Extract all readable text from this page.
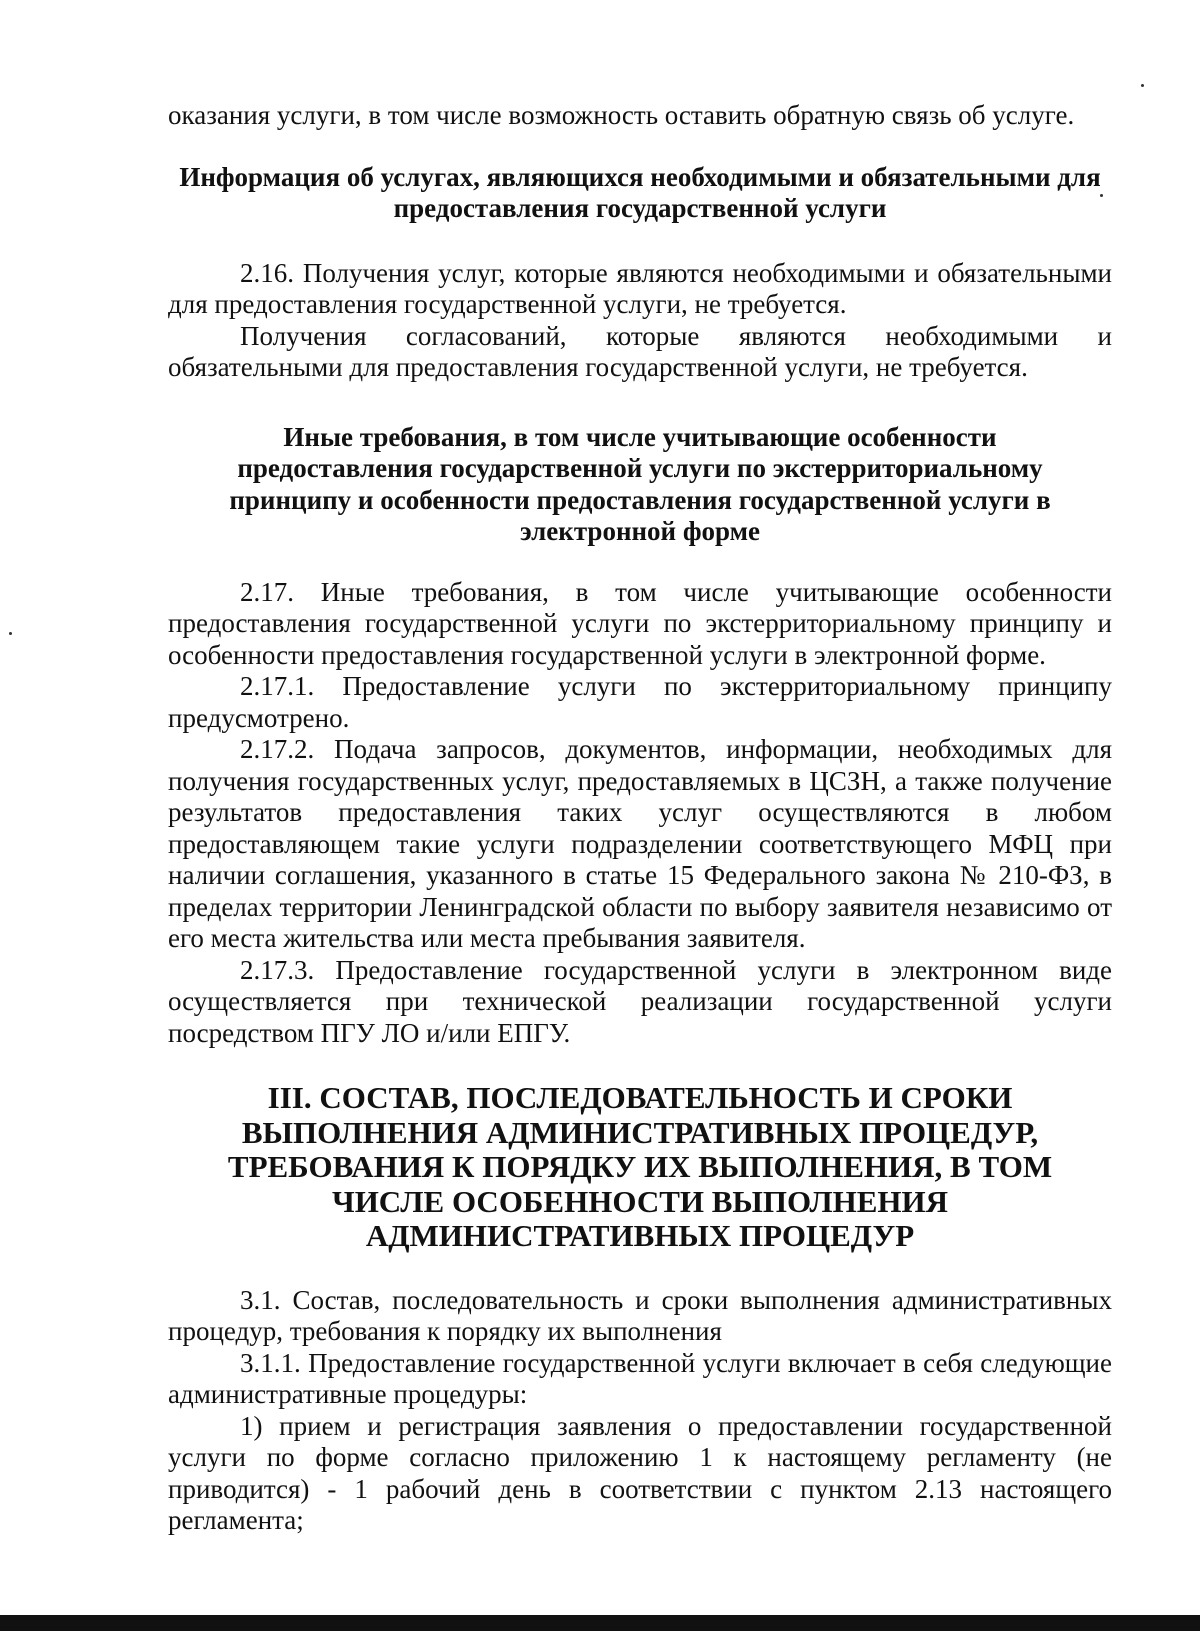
оказания услуги, в том числе возможность оставить обратную связь об услуге.

Информация об услугах, являющихся необходимыми и обязательными для предоставления государственной услуги

2.16. Получения услуг, которые являются необходимыми и обязательными для предоставления государственной услуги, не требуется.

Получения согласований, которые являются необходимыми и обязательными для предоставления государственной услуги, не требуется.

Иные требования, в том числе учитывающие особенности предоставления государственной услуги по экстерриториальному принципу и особенности предоставления государственной услуги в электронной форме

2.17. Иные требования, в том числе учитывающие особенности предоставления государственной услуги по экстерриториальному принципу и особенности предоставления государственной услуги в электронной форме.

2.17.1. Предоставление услуги по экстерриториальному принципу предусмотрено.

2.17.2. Подача запросов, документов, информации, необходимых для получения государственных услуг, предоставляемых в ЦСЗН, а также получение результатов предоставления таких услуг осуществляются в любом предоставляющем такие услуги подразделении соответствующего МФЦ при наличии соглашения, указанного в статье 15 Федерального закона № 210-ФЗ, в пределах территории Ленинградской области по выбору заявителя независимо от его места жительства или места пребывания заявителя.

2.17.3. Предоставление государственной услуги в электронном виде осуществляется при технической реализации государственной услуги посредством ПГУ ЛО и/или ЕПГУ.

III. СОСТАВ, ПОСЛЕДОВАТЕЛЬНОСТЬ И СРОКИ ВЫПОЛНЕНИЯ АДМИНИСТРАТИВНЫХ ПРОЦЕДУР, ТРЕБОВАНИЯ К ПОРЯДКУ ИХ ВЫПОЛНЕНИЯ, В ТОМ ЧИСЛЕ ОСОБЕННОСТИ ВЫПОЛНЕНИЯ АДМИНИСТРАТИВНЫХ ПРОЦЕДУР

3.1. Состав, последовательность и сроки выполнения административных процедур, требования к порядку их выполнения

3.1.1. Предоставление государственной услуги включает в себя следующие административные процедуры:

1) прием и регистрация заявления о предоставлении государственной услуги по форме согласно приложению 1 к настоящему регламенту (не приводится) - 1 рабочий день в соответствии с пунктом 2.13 настоящего регламента;
